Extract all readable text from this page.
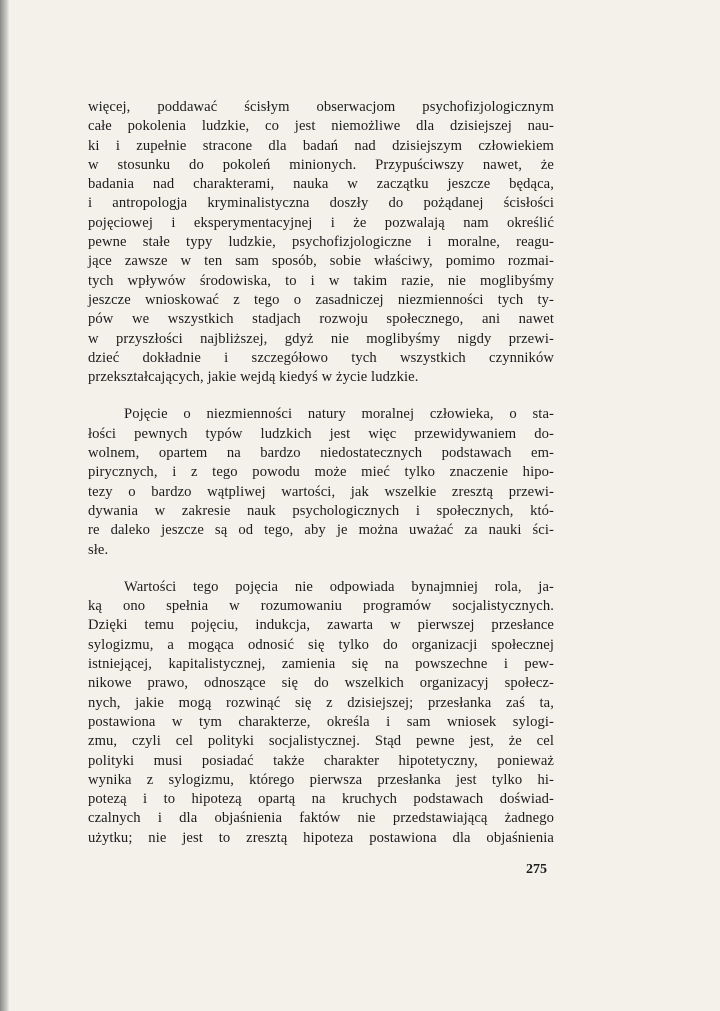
więcej, poddawać ścisłym obserwacjom psychofizjologicznym
całe pokolenia ludzkie, co jest niemożliwe dla dzisiejszej nau-
ki i zupełnie stracone dla badań nad dzisiejszym człowiekiem
w stosunku do pokoleń minionych. Przypuściwszy nawet, że
badania nad charakterami, nauka w zaczątku jeszcze będąca,
i antropologja kryminalistyczna doszły do pożądanej ścisłości
pojęciowej i eksperymentacyjnej i że pozwalają nam określić
pewne stałe typy ludzkie, psychofizjologiczne i moralne, reagu-
jące zawsze w ten sam sposób, sobie właściwy, pomimo rozmai-
tych wpływów środowiska, to i w takim razie, nie moglibyśmy
jeszcze wnioskować z tego o zasadniczej niezmienności tych ty-
pów we wszystkich stadjach rozwoju społecznego, ani nawet
w przyszłości najbliższej, gdyż nie moglibyśmy nigdy przewi-
dzieć dokładnie i szczegółowo tych wszystkich czynników
przekształcających, jakie wejdą kiedyś w życie ludzkie.
Pojęcie o niezmienności natury moralnej człowieka, o sta-
łości pewnych typów ludzkich jest więc przewidywaniem do-
wolnem, opartem na bardzo niedostatecznych podstawach em-
pirycznych, i z tego powodu może mieć tylko znaczenie hipo-
tezy o bardzo wątpliwej wartości, jak wszelkie zresztą przewi-
dywania w zakresie nauk psychologicznych i społecznych, któ-
re daleko jeszcze są od tego, aby je można uważać za nauki ści-
słe.
Wartości tego pojęcia nie odpowiada bynajmniej rola, ja-
ką ono spełnia w rozumowaniu programów socjalistycznych.
Dzięki temu pojęciu, indukcja, zawarta w pierwszej przesłance
sylogizmu, a mogąca odnosić się tylko do organizacji społecznej
istniejącej, kapitalistycznej, zamienia się na powszechne i pew-
nikowe prawo, odnoszące się do wszelkich organizacyj społecz-
nych, jakie mogą rozwinąć się z dzisiejszej; przesłanka zaś ta,
postawiona w tym charakterze, określa i sam wniosek sylogi-
zmu, czyli cel polityki socjalistycznej. Stąd pewne jest, że cel
polityki musi posiadać także charakter hipotetyczny, ponieważ
wynika z sylogizmu, którego pierwsza przesłanka jest tylko hi-
potezą i to hipotezą opartą na kruchych podstawach doświad-
czalnych i dla objaśnienia faktów nie przedstawiającą żadnego
użytku; nie jest to zresztą hipoteza postawiona dla objaśnienia
275
